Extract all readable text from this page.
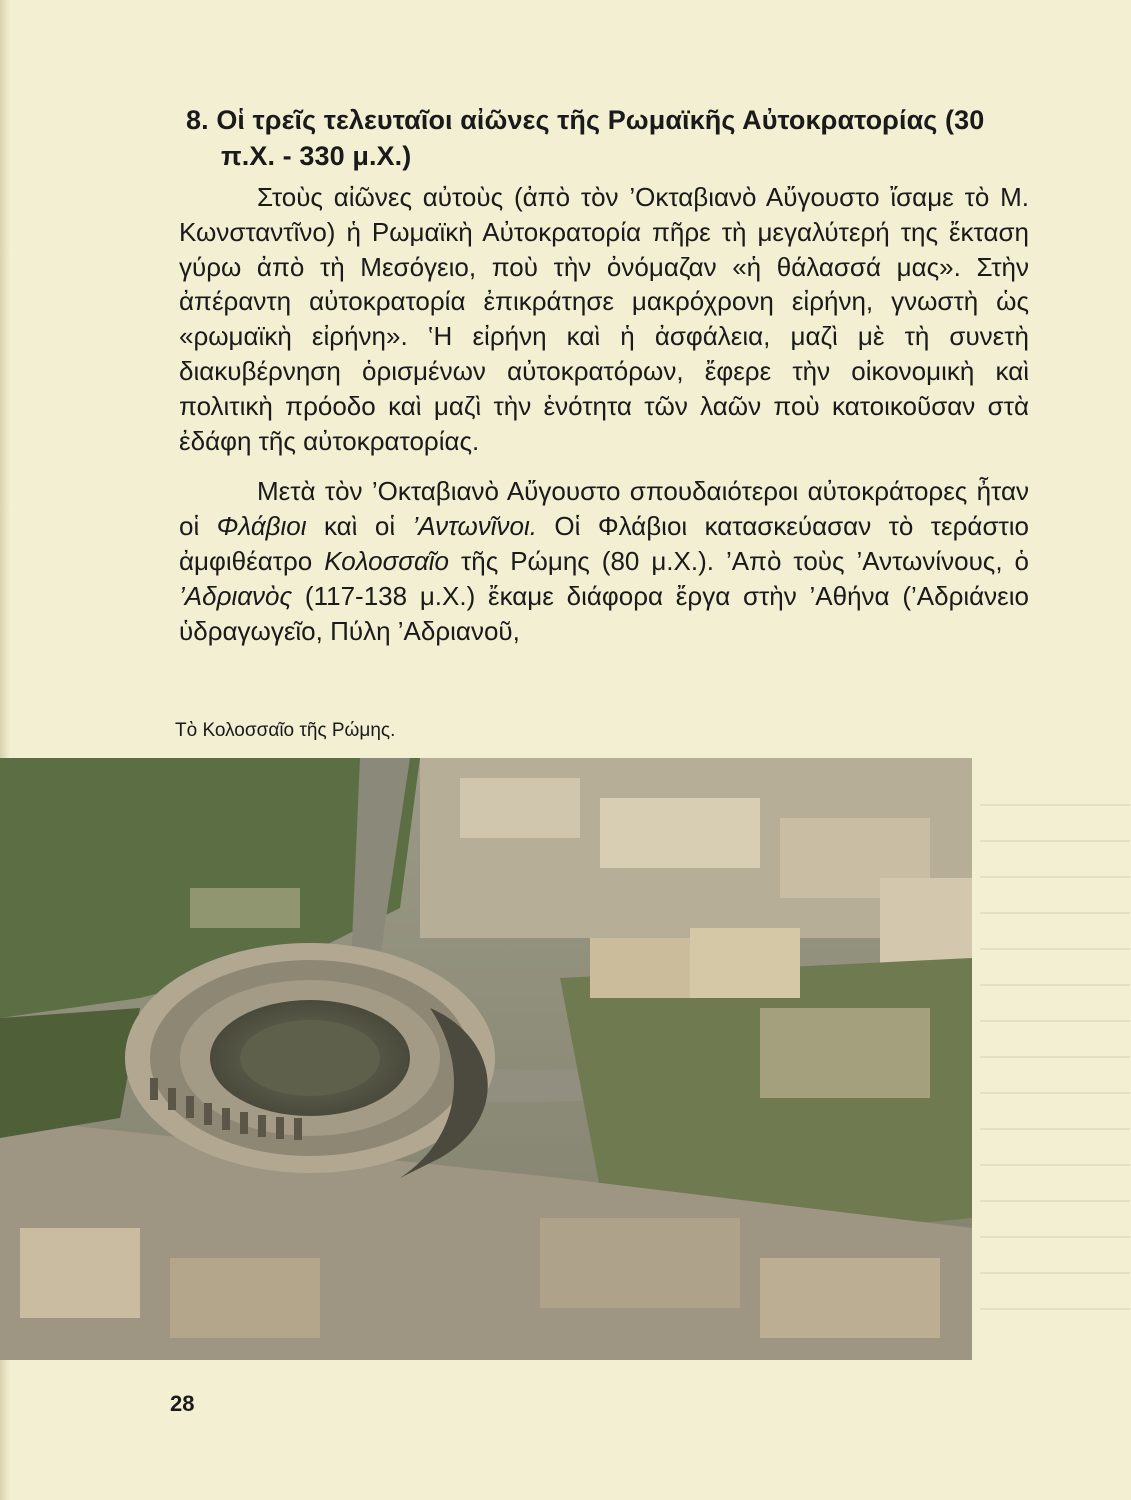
8. Οἱ τρεῖς τελευταῖοι αἰῶνες τῆς Ρωμαϊκῆς Αὐτοκρατορίας (30
π.Χ. - 330 μ.Χ.)

Στοὺς αἰῶνες αὐτοὺς (ἀπὸ τὸν ’Οκταβιανὸ Αὔγουστο ἴσαμε τὸ Μ. Κωνσταντῖνο) ἡ Ρωμαϊκὴ Αὐτοκρατορία πῆρε τὴ μεγαλύτερή της ἔκταση γύρω ἀπὸ τὴ Μεσόγειο, ποὺ τὴν ὀνόμαζαν «ἡ θάλασσά μας». Στὴν ἀπέραντη αὐτοκρατορία ἐπικράτησε μακρόχρονη εἰρήνη, γνωστὴ ὡς «ρωμαϊκὴ εἰρήνη». ‛Η εἰρήνη καὶ ἡ ἀσφάλεια, μαζὶ μὲ τὴ συνετὴ διακυβέρνηση ὁρισμένων αὐτοκρατόρων, ἔφερε τὴν οἰκονομικὴ καὶ πολιτικὴ πρόοδο καὶ μαζὶ τὴν ἑνότητα τῶν λαῶν ποὺ κατοικοῦσαν στὰ ἐδάφη τῆς αὐτοκρατορίας.

Μετὰ τὸν ’Οκταβιανὸ Αὔγουστο σπουδαιότεροι αὐτοκράτορες ἦταν οἱ Φλάβιοι καὶ οἱ ’Αντωνῖνοι. Οἱ Φλάβιοι κατασκεύασαν τὸ τεράστιο ἀμφιθέατρο Κολοσσαῖο τῆς Ρώμης (80 μ.Χ.). ’Απὸ τοὺς ’Αντωνίνους, ὁ ’Αδριανὸς (117-138 μ.Χ.) ἔκαμε διάφορα ἔργα στὴν ’Αθήνα (’Αδριάνειο ὑδραγωγεῖο, Πύλη ’Αδριανοῦ,

Τὸ Κολοσσαῖο τῆς Ρώμης.

28
